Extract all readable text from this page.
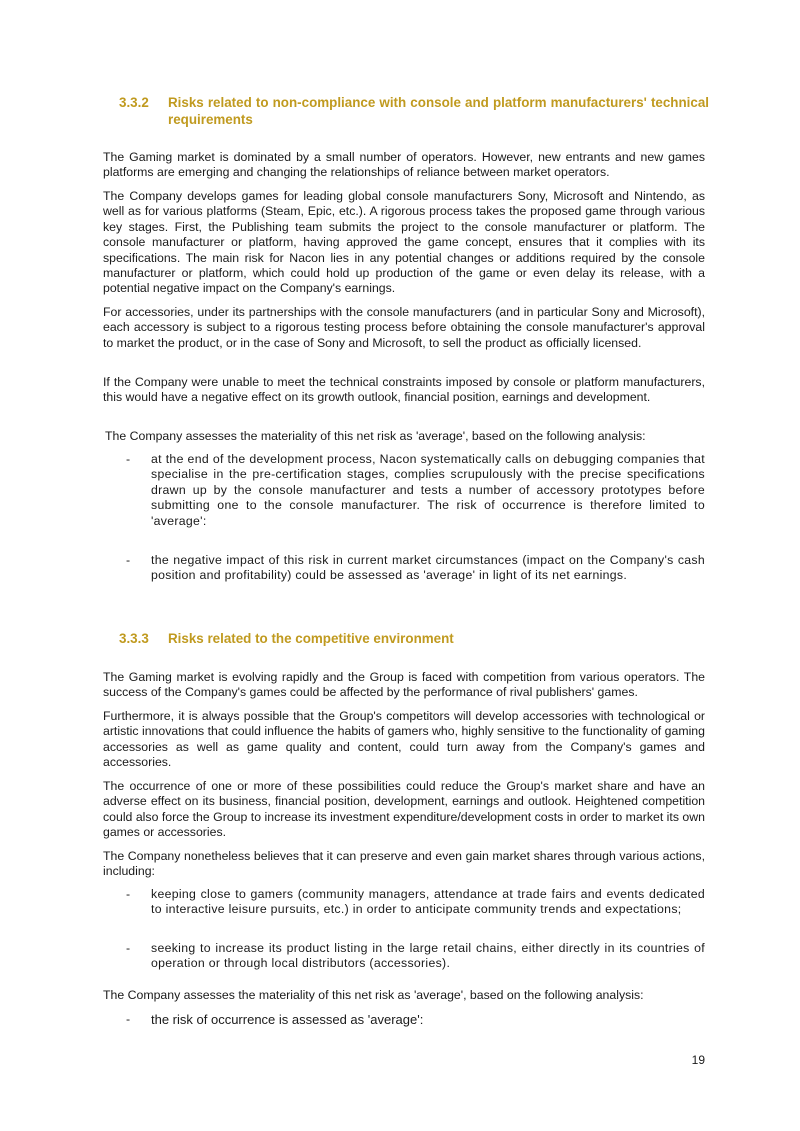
3.3.2 Risks related to non-compliance with console and platform manufacturers' technical requirements

The Gaming market is dominated by a small number of operators. However, new entrants and new games platforms are emerging and changing the relationships of reliance between market operators.

The Company develops games for leading global console manufacturers Sony, Microsoft and Nintendo, as well as for various platforms (Steam, Epic, etc.). A rigorous process takes the proposed game through various key stages. First, the Publishing team submits the project to the console manufacturer or platform. The console manufacturer or platform, having approved the game concept, ensures that it complies with its specifications. The main risk for Nacon lies in any potential changes or additions required by the console manufacturer or platform, which could hold up production of the game or even delay its release, with a potential negative impact on the Company's earnings.

For accessories, under its partnerships with the console manufacturers (and in particular Sony and Microsoft), each accessory is subject to a rigorous testing process before obtaining the console manufacturer's approval to market the product, or in the case of Sony and Microsoft, to sell the product as officially licensed.

If the Company were unable to meet the technical constraints imposed by console or platform manufacturers, this would have a negative effect on its growth outlook, financial position, earnings and development.

The Company assesses the materiality of this net risk as 'average', based on the following analysis:

- at the end of the development process, Nacon systematically calls on debugging companies that specialise in the pre-certification stages, complies scrupulously with the precise specifications drawn up by the console manufacturer and tests a number of accessory prototypes before submitting one to the console manufacturer. The risk of occurrence is therefore limited to 'average':
- the negative impact of this risk in current market circumstances (impact on the Company's cash position and profitability) could be assessed as 'average' in light of its net earnings.
3.3.3 Risks related to the competitive environment

The Gaming market is evolving rapidly and the Group is faced with competition from various operators. The success of the Company's games could be affected by the performance of rival publishers' games.

Furthermore, it is always possible that the Group's competitors will develop accessories with technological or artistic innovations that could influence the habits of gamers who, highly sensitive to the functionality of gaming accessories as well as game quality and content, could turn away from the Company's games and accessories.

The occurrence of one or more of these possibilities could reduce the Group's market share and have an adverse effect on its business, financial position, development, earnings and outlook. Heightened competition could also force the Group to increase its investment expenditure/development costs in order to market its own games or accessories.

The Company nonetheless believes that it can preserve and even gain market shares through various actions, including:

- keeping close to gamers (community managers, attendance at trade fairs and events dedicated to interactive leisure pursuits, etc.) in order to anticipate community trends and expectations;
- seeking to increase its product listing in the large retail chains, either directly in its countries of operation or through local distributors (accessories).

The Company assesses the materiality of this net risk as 'average', based on the following analysis:

- the risk of occurrence is assessed as 'average':
19
